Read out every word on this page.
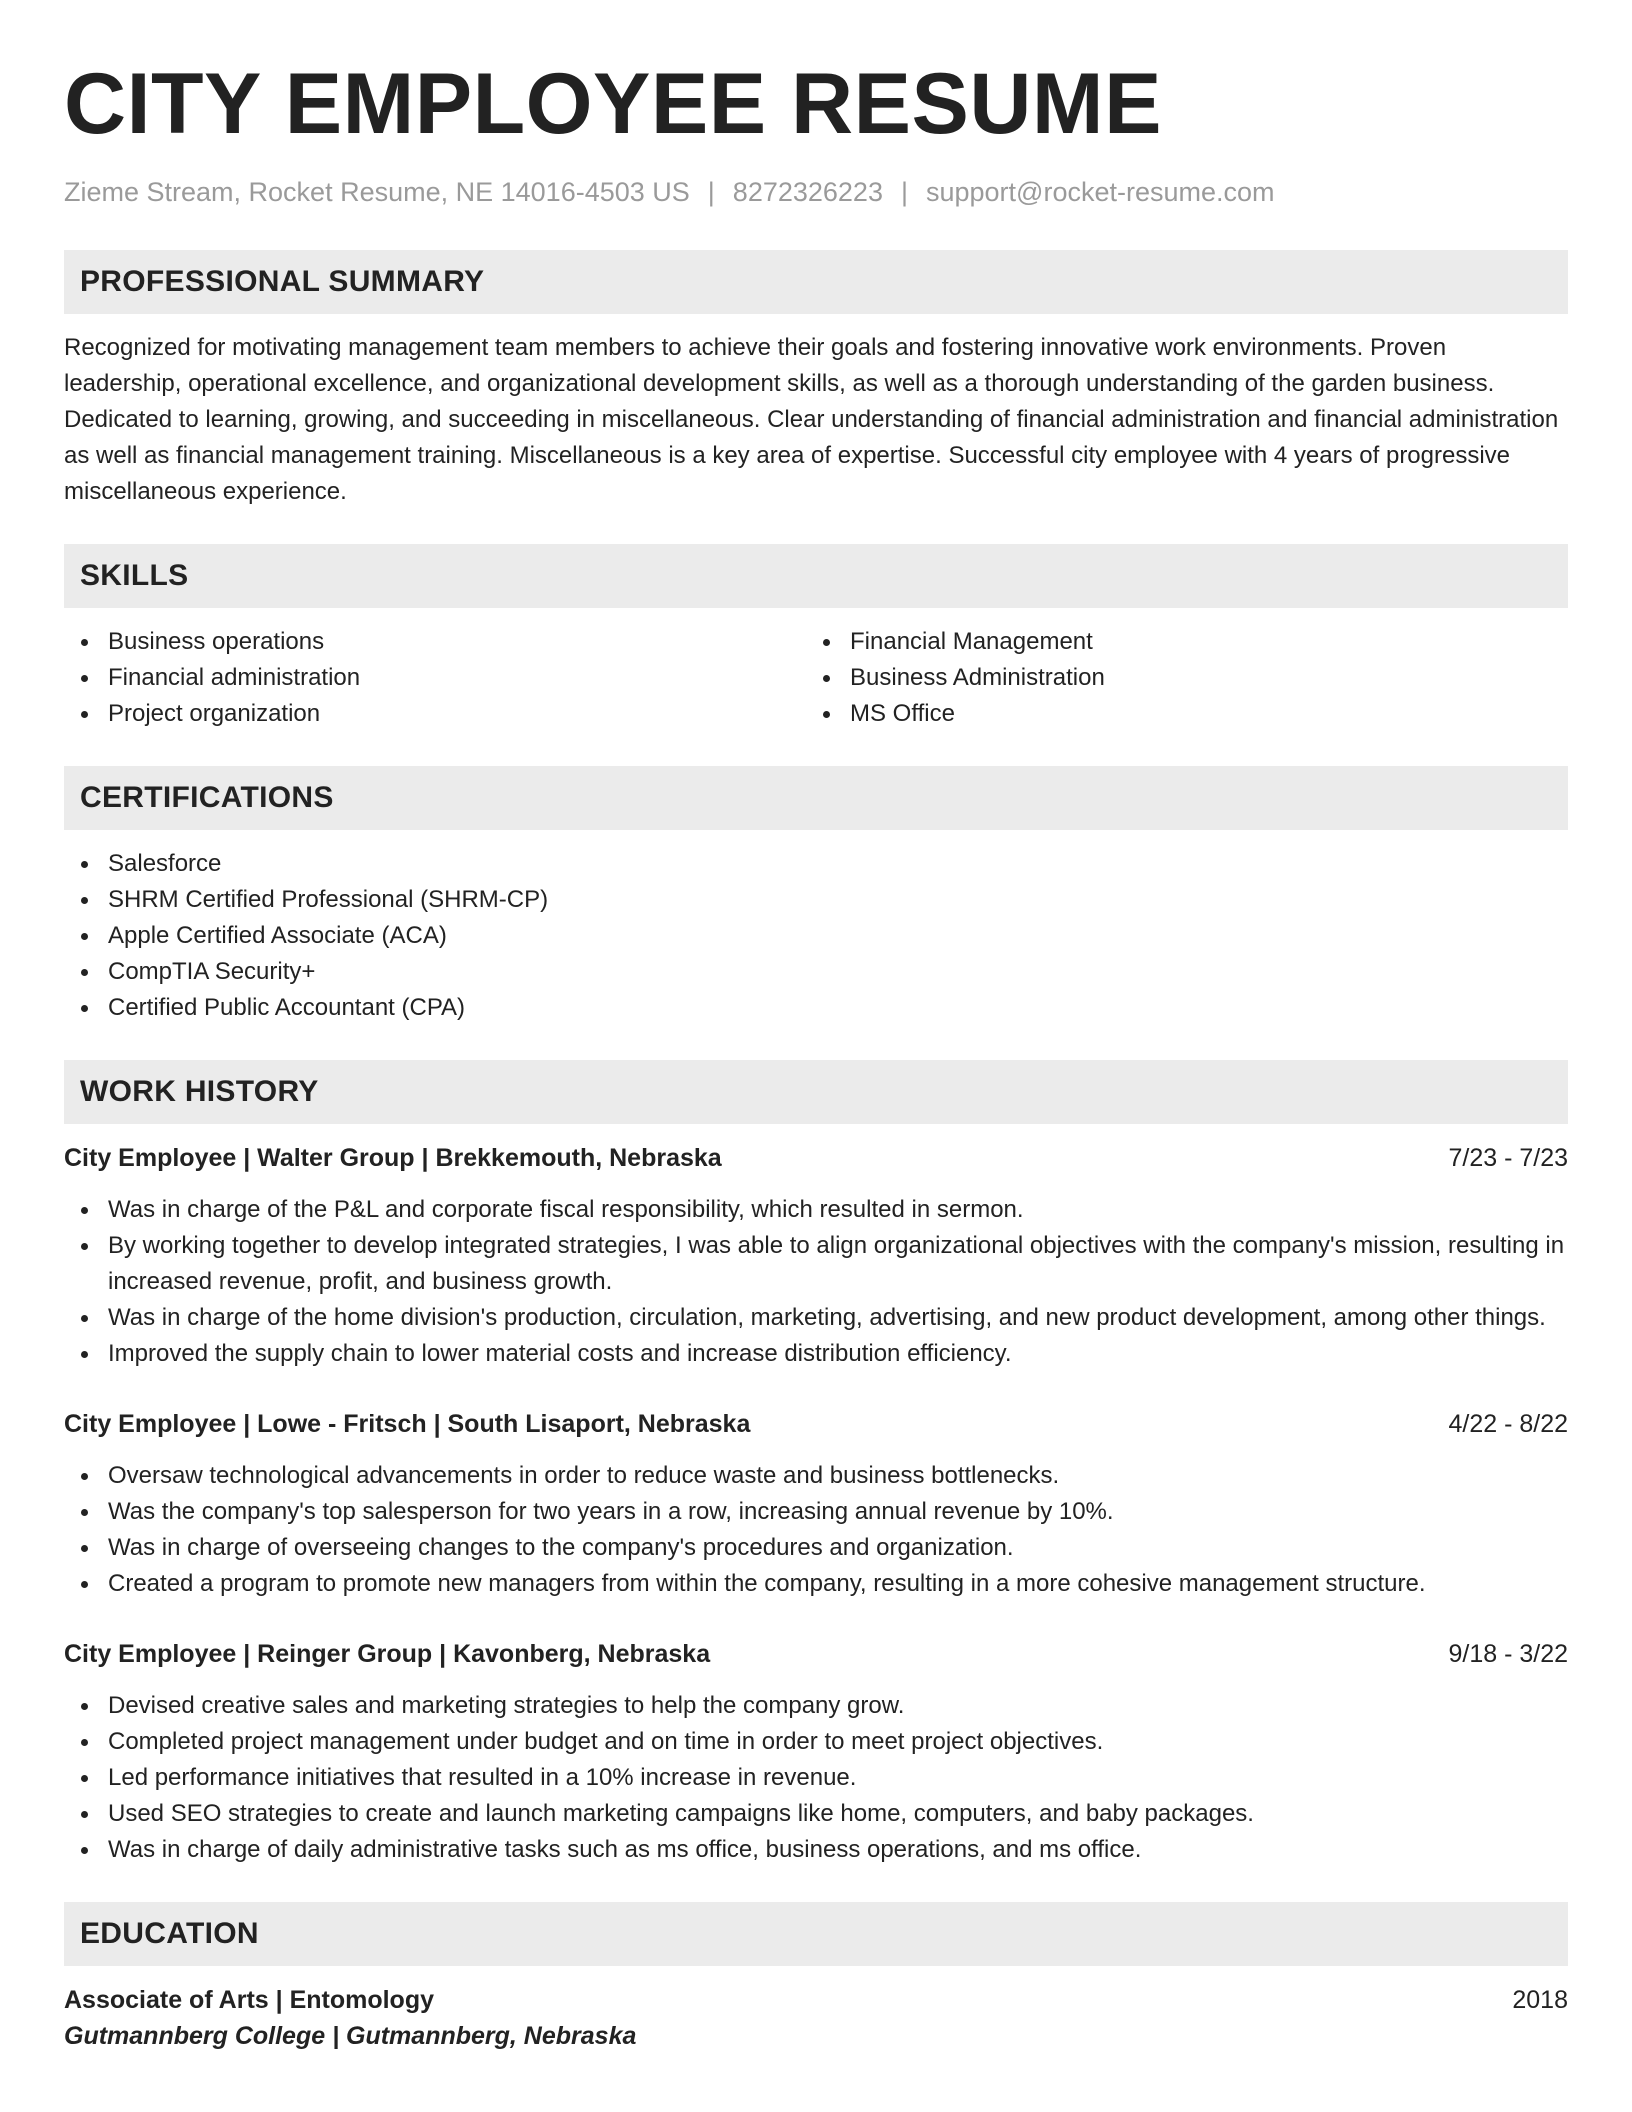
CITY EMPLOYEE RESUME
Zieme Stream, Rocket Resume, NE 14016-4503 US | 8272326223 | support@rocket-resume.com
PROFESSIONAL SUMMARY

Recognized for motivating management team members to achieve their goals and fostering innovative work environments. Proven leadership, operational excellence, and organizational development skills, as well as a thorough understanding of the garden business. Dedicated to learning, growing, and succeeding in miscellaneous. Clear understanding of financial administration and financial administration as well as financial management training. Miscellaneous is a key area of expertise. Successful city employee with 4 years of progressive miscellaneous experience.

SKILLS
Business operations
Financial administration
Project organization
Financial Management
Business Administration
MS Office
CERTIFICATIONS
Salesforce
SHRM Certified Professional (SHRM-CP)
Apple Certified Associate (ACA)
CompTIA Security+
Certified Public Accountant (CPA)
WORK HISTORY
City Employee | Walter Group | Brekkemouth, Nebraska	7/23 - 7/23
Was in charge of the P&L and corporate fiscal responsibility, which resulted in sermon.
By working together to develop integrated strategies, I was able to align organizational objectives with the company's mission, resulting in increased revenue, profit, and business growth.
Was in charge of the home division's production, circulation, marketing, advertising, and new product development, among other things.
Improved the supply chain to lower material costs and increase distribution efficiency.
City Employee | Lowe - Fritsch | South Lisaport, Nebraska	4/22 - 8/22
Oversaw technological advancements in order to reduce waste and business bottlenecks.
Was the company's top salesperson for two years in a row, increasing annual revenue by 10%.
Was in charge of overseeing changes to the company's procedures and organization.
Created a program to promote new managers from within the company, resulting in a more cohesive management structure.
City Employee | Reinger Group | Kavonberg, Nebraska	9/18 - 3/22
Devised creative sales and marketing strategies to help the company grow.
Completed project management under budget and on time in order to meet project objectives.
Led performance initiatives that resulted in a 10% increase in revenue.
Used SEO strategies to create and launch marketing campaigns like home, computers, and baby packages.
Was in charge of daily administrative tasks such as ms office, business operations, and ms office.
EDUCATION
Associate of Arts | Entomology	2018
Gutmannberg College | Gutmannberg, Nebraska
